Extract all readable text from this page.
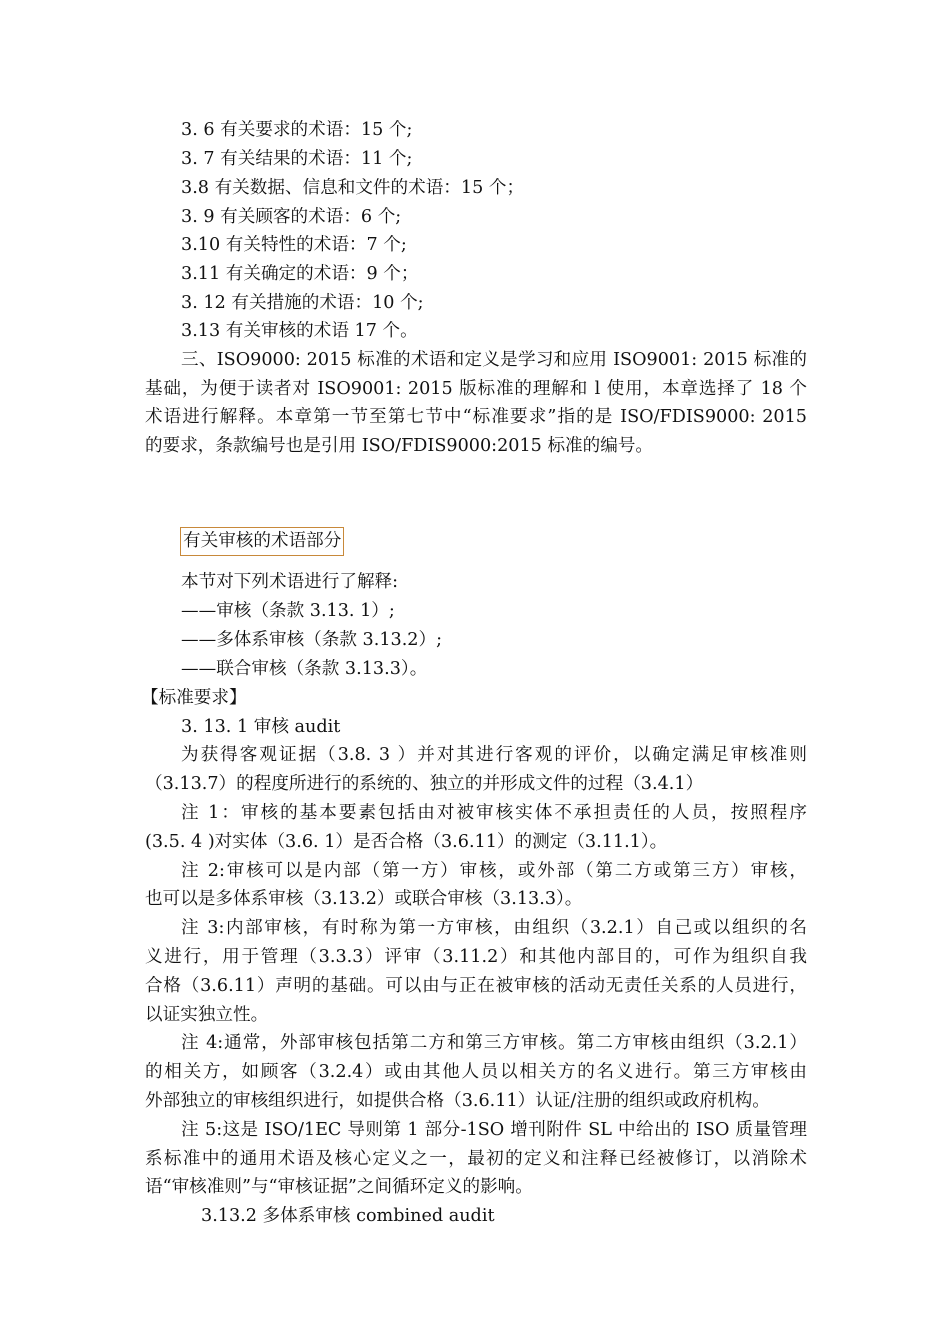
3. 6 有关要求的术语：15 个;
3. 7 有关结果的术语：11 个;
3.8 有关数据、信息和文件的术语：15 个；
3. 9 有关顾客的术语：6 个;
3.10 有关特性的术语：7 个;
3.11 有关确定的术语：9 个；
3. 12 有关措施的术语：10 个;
3.13 有关审核的术语 17 个。
三、ISO9000: 2015 标准的术语和定义是学习和应用 ISO9001: 2015 标准的
基础，为便于读者对 ISO9001: 2015 版标准的理解和 l 使用，本章选择了 18 个
术语进行解释。本章第一节至第七节中“标准要求”指的是 ISO/FDIS9000: 2015
的要求，条款编号也是引用 ISO/FDIS9000:2015 标准的编号。
有关审核的术语部分
本节对下列术语进行了解释:
——审核（条款 3.13. 1）;
——多体系审核（条款 3.13.2）;
——联合审核（条款 3.13.3）。
【标准要求】
3. 13. 1 审核 audit
为获得客观证据（3.8. 3 ）并对其进行客观的评价，以确定满足审核准则
（3.13.7）的程度所进行的系统的、独立的并形成文件的过程（3.4.1）
注 1：审核的基本要素包括由对被审核实体不承担责任的人员，按照程序
(3.5. 4 )对实体（3.6. 1）是否合格（3.6.11）的测定（3.11.1）。
注 2:审核可以是内部（第一方）审核，或外部（第二方或第三方）审核，
也可以是多体系审核（3.13.2）或联合审核（3.13.3）。
注 3:内部审核，有时称为第一方审核，由组织（3.2.1）自己或以组织的名
义进行，用于管理（3.3.3）评审（3.11.2）和其他内部目的，可作为组织自我
合格（3.6.11）声明的基础。可以由与正在被审核的活动无责任关系的人员进行，
以证实独立性。
注 4:通常，外部审核包括第二方和第三方审核。第二方审核由组织（3.2.1）
的相关方，如顾客（3.2.4）或由其他人员以相关方的名义进行。第三方审核由
外部独立的审核组织进行，如提供合格（3.6.11）认证/注册的组织或政府机构。
注 5:这是 ISO/1EC 导则第 1 部分-1SO 增刊附件 SL 中给出的 ISO 质量管理
系标准中的通用术语及核心定义之一，最初的定义和注释已经被修订，以消除术
语“审核准则”与“审核证据”之间循环定义的影响。
3.13.2 多体系审核 combined audit
